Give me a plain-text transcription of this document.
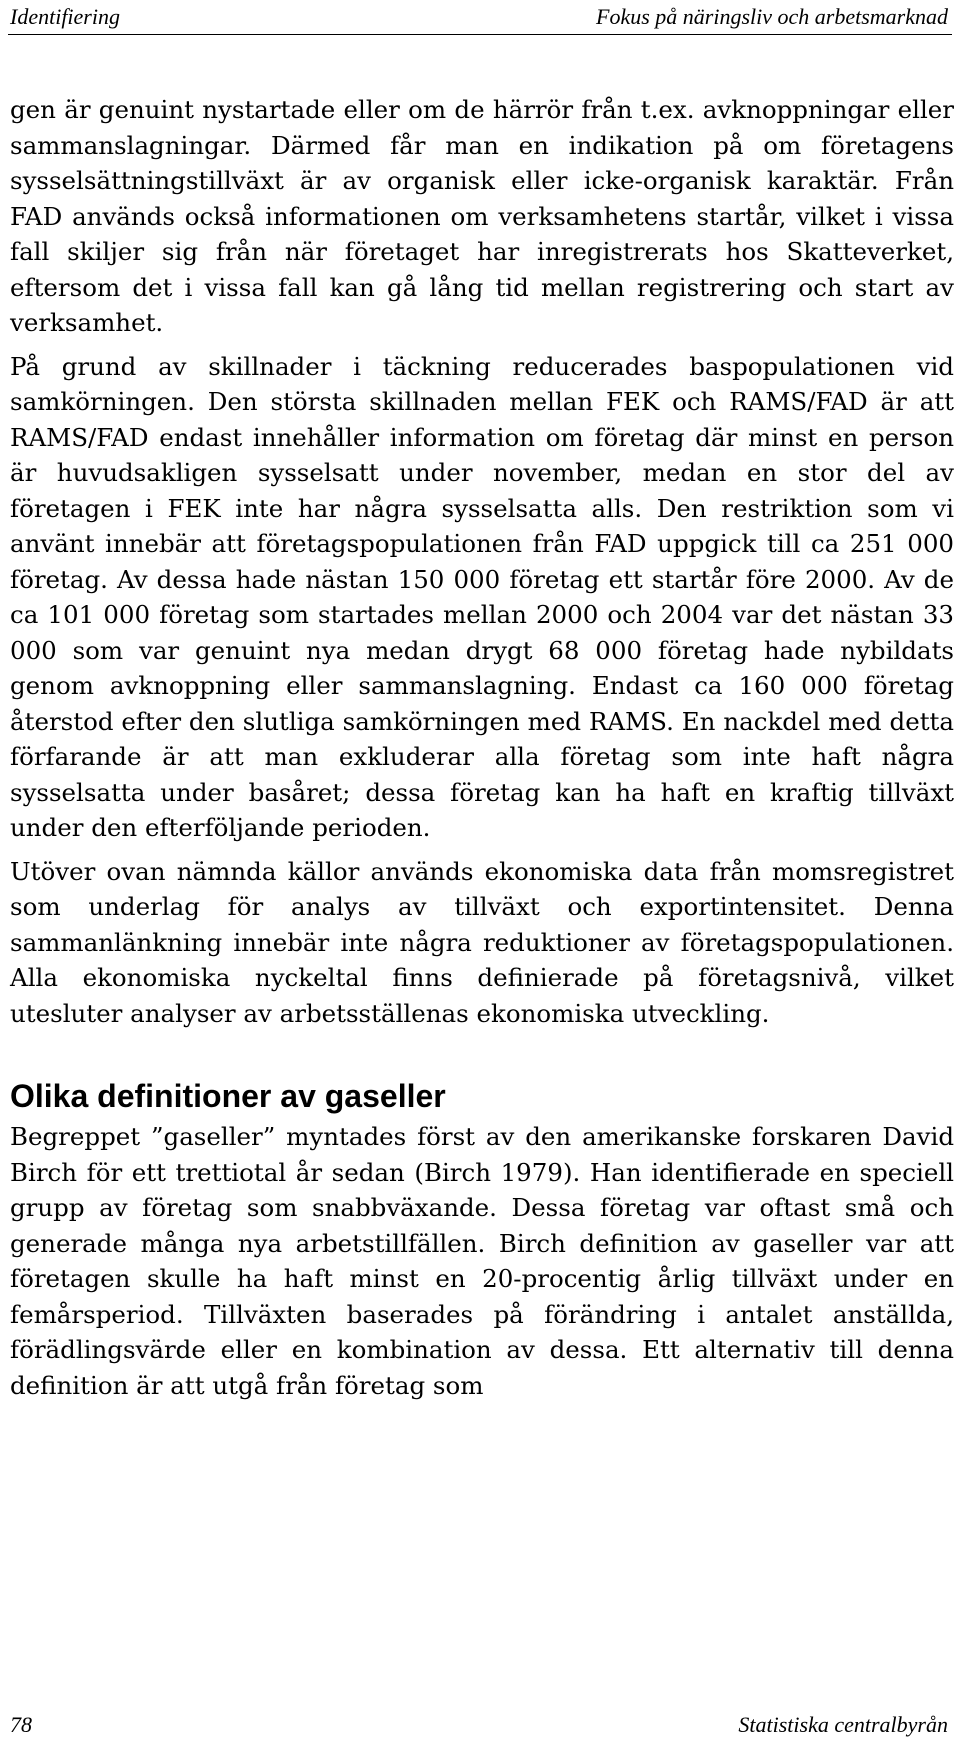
Identifiering	Fokus på näringsliv och arbetsmarknad

gen är genuint nystartade eller om de härrör från t.ex. avknoppningar eller sammanslagningar. Därmed får man en indikation på om företagens sysselsättningstillväxt är av organisk eller icke-organisk karaktär. Från FAD används också informationen om verksamhetens startår, vilket i vissa fall skiljer sig från när företaget har inregistrerats hos Skatteverket, eftersom det i vissa fall kan gå lång tid mellan registrering och start av verksamhet.

På grund av skillnader i täckning reducerades baspopulationen vid samkörningen. Den största skillnaden mellan FEK och RAMS/FAD är att RAMS/FAD endast innehåller information om företag där minst en person är huvudsakligen sysselsatt under november, medan en stor del av företagen i FEK inte har några sysselsatta alls. Den restriktion som vi använt innebär att företagspopulationen från FAD uppgick till ca 251 000 företag. Av dessa hade nästan 150 000 företag ett startår före 2000. Av de ca 101 000 företag som startades mellan 2000 och 2004 var det nästan 33 000 som var genuint nya medan drygt 68 000 företag hade nybildats genom avknoppning eller sammanslagning. Endast ca 160 000 företag återstod efter den slutliga samkörningen med RAMS. En nackdel med detta förfarande är att man exkluderar alla företag som inte haft några sysselsatta under basåret; dessa företag kan ha haft en kraftig tillväxt under den efterföljande perioden.

Utöver ovan nämnda källor används ekonomiska data från momsregistret som underlag för analys av tillväxt och exportintensitet. Denna sammanlänkning innebär inte några reduktioner av företagspopulationen. Alla ekonomiska nyckeltal finns definierade på företagsnivå, vilket utesluter analyser av arbetsställenas ekonomiska utveckling.

Olika definitioner av gaseller

Begreppet ”gaseller” myntades först av den amerikanske forskaren David Birch för ett trettiotal år sedan (Birch 1979). Han identifierade en speciell grupp av företag som snabbväxande. Dessa företag var oftast små och generade många nya arbetstillfällen. Birch definition av gaseller var att företagen skulle ha haft minst en 20-procentig årlig tillväxt under en femårsperiod. Tillväxten baserades på förändring i antalet anställda, förädlingsvärde eller en kombination av dessa. Ett alternativ till denna definition är att utgå från företag som

78	Statistiska centralbyrån
